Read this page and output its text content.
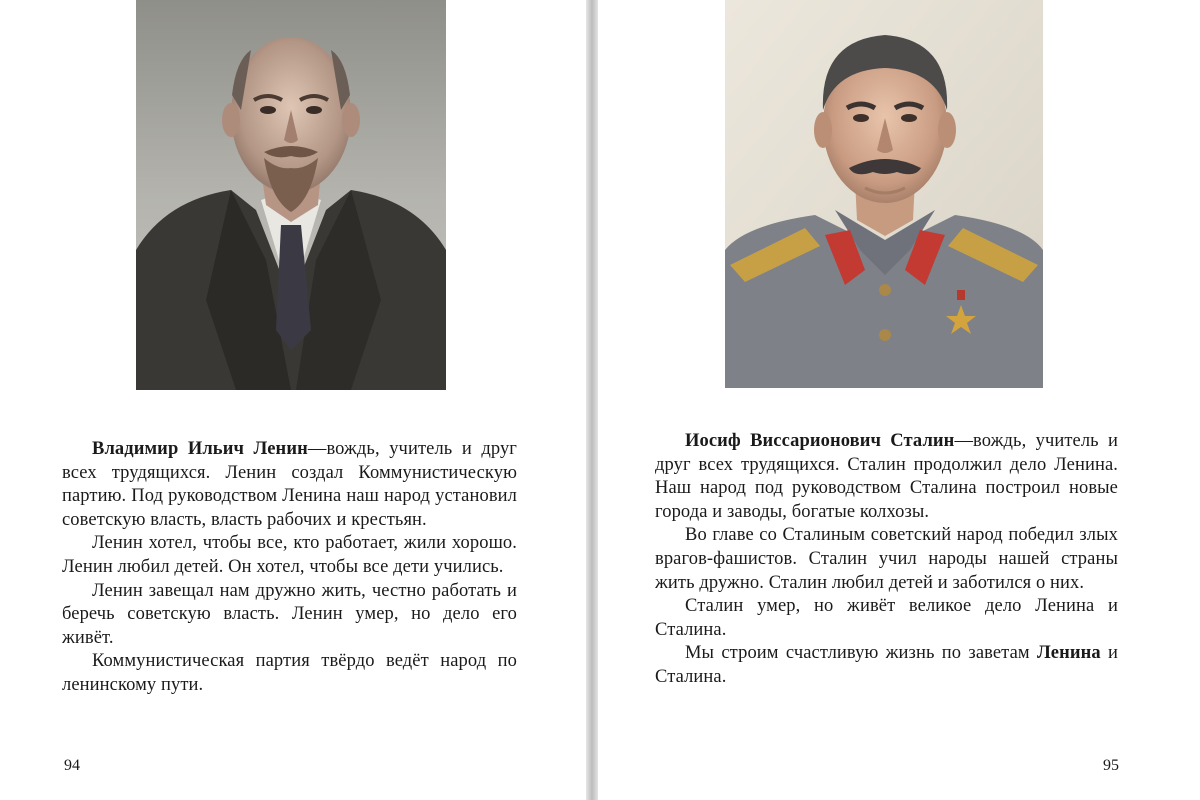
Владимир Ильич Ленин—вождь, учитель и друг всех трудящихся. Ленин создал Коммунистическую партию. Под руководством Ленина наш народ установил советскую власть, власть рабочих и крестьян.

Ленин хотел, чтобы все, кто работает, жили хорошо. Ленин любил детей. Он хотел, чтобы все дети учились.

Ленин завещал нам дружно жить, честно работать и беречь советскую власть. Ленин умер, но дело его живёт.

Коммунистическая партия твёрдо ведёт народ по ленинскому пути.

94

Иосиф Виссарионович Сталин—вождь, учитель и друг всех трудящихся. Сталин продолжил дело Ленина. Наш народ под руководством Сталина построил новые города и заводы, богатые колхозы.

Во главе со Сталиным советский народ победил злых врагов-фашистов. Сталин учил народы нашей страны жить дружно. Сталин любил детей и заботился о них.

Сталин умер, но живёт великое дело Ленина и Сталина.

Мы строим счастливую жизнь по заветам Ленина и Сталина.

95
